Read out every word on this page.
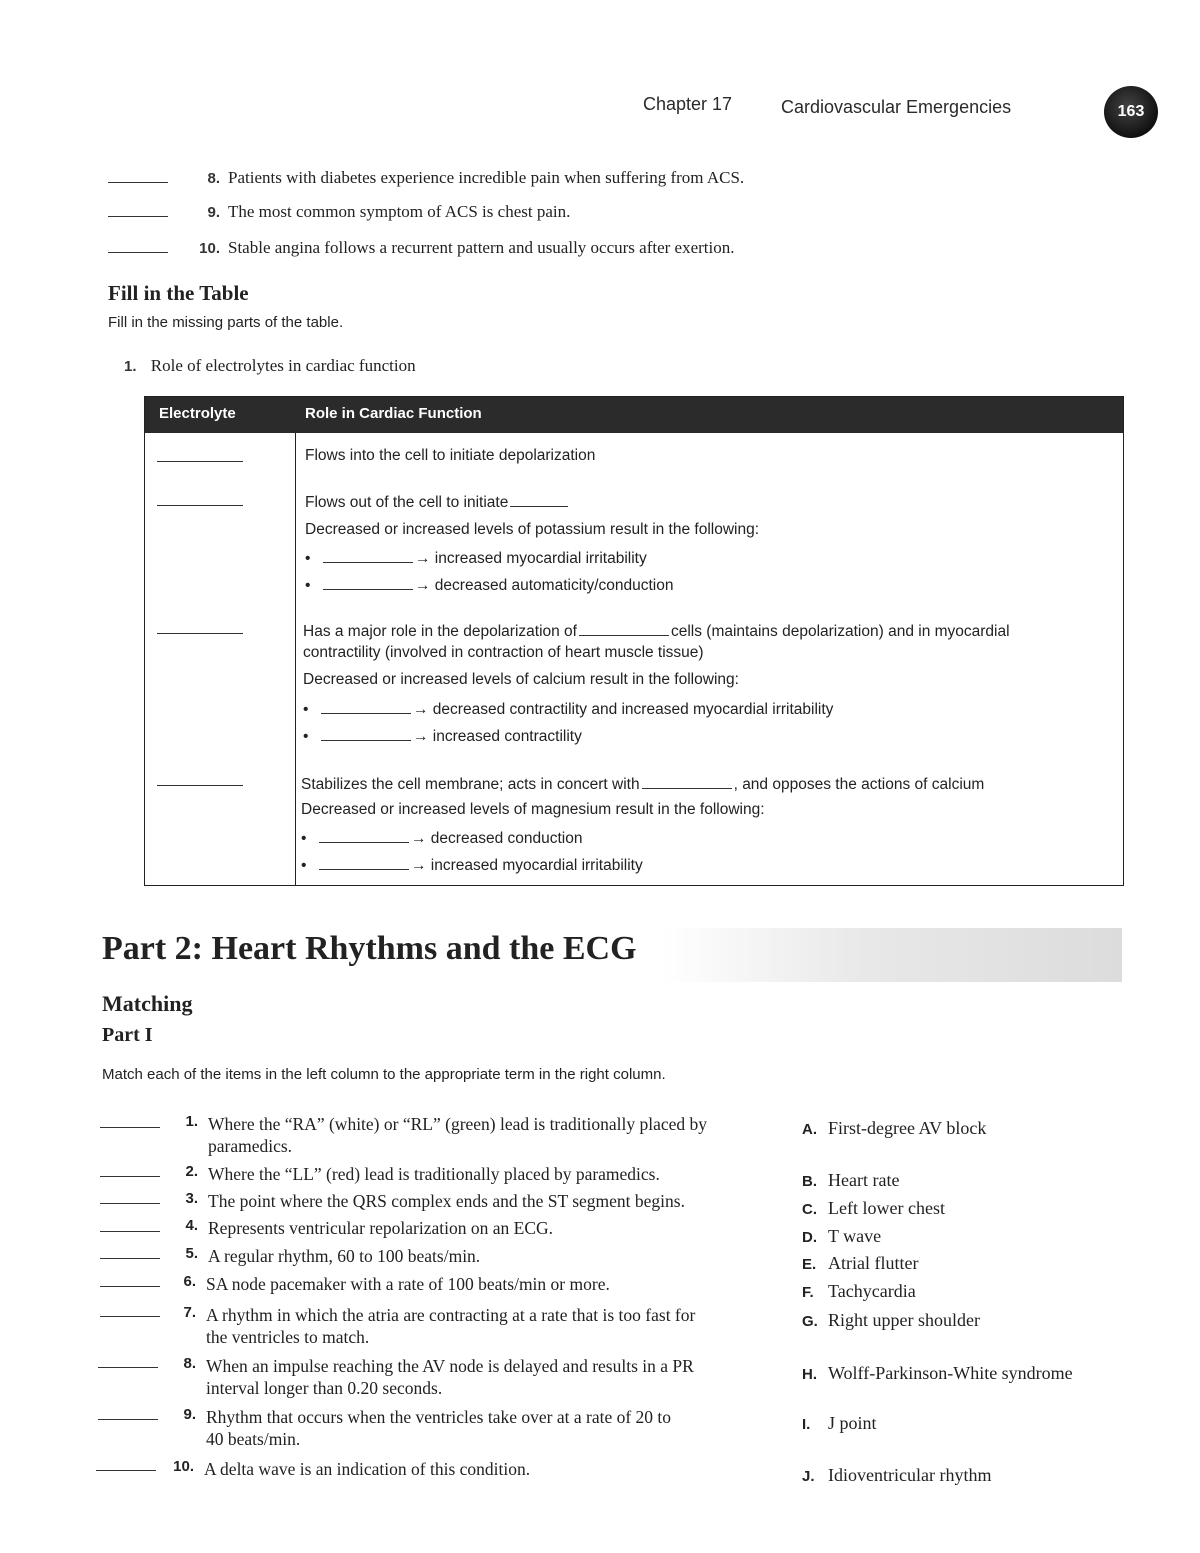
Chapter 17	Cardiovascular Emergencies	163
8. Patients with diabetes experience incredible pain when suffering from ACS.
9. The most common symptom of ACS is chest pain.
10. Stable angina follows a recurrent pattern and usually occurs after exertion.
Fill in the Table
Fill in the missing parts of the table.
1. Role of electrolytes in cardiac function
Electrolyte	Role in Cardiac Function
Flows into the cell to initiate depolarization
Flows out of the cell to initiate
Decreased or increased levels of potassium result in the following:
•	→ increased myocardial irritability
•	→ decreased automaticity/conduction
Has a major role in the depolarization of	cells (maintains depolarization) and in myocardial
contractility (involved in contraction of heart muscle tissue)
Decreased or increased levels of calcium result in the following:
•	→ decreased contractility and increased myocardial irritability
•	→ increased contractility
Stabilizes the cell membrane; acts in concert with	, and opposes the actions of calcium
Decreased or increased levels of magnesium result in the following:
•	→ decreased conduction
•	→ increased myocardial irritability
Part 2: Heart Rhythms and the ECG
Matching
Part I
Match each of the items in the left column to the appropriate term in the right column.
1. Where the “RA” (white) or “RL” (green) lead is traditionally placed by
paramedics.
2. Where the “LL” (red) lead is traditionally placed by paramedics.
3. The point where the QRS complex ends and the ST segment begins.
4. Represents ventricular repolarization on an ECG.
5. A regular rhythm, 60 to 100 beats/min.
6. SA node pacemaker with a rate of 100 beats/min or more.
7. A rhythm in which the atria are contracting at a rate that is too fast for
the ventricles to match.
8. When an impulse reaching the AV node is delayed and results in a PR
interval longer than 0.20 seconds.
9. Rhythm that occurs when the ventricles take over at a rate of 20 to
40 beats/min.
10. A delta wave is an indication of this condition.
A. First-degree AV block
B. Heart rate
C. Left lower chest
D. T wave
E. Atrial flutter
F. Tachycardia
G. Right upper shoulder
H. Wolff-Parkinson-White syndrome
I. J point
J. Idioventricular rhythm
